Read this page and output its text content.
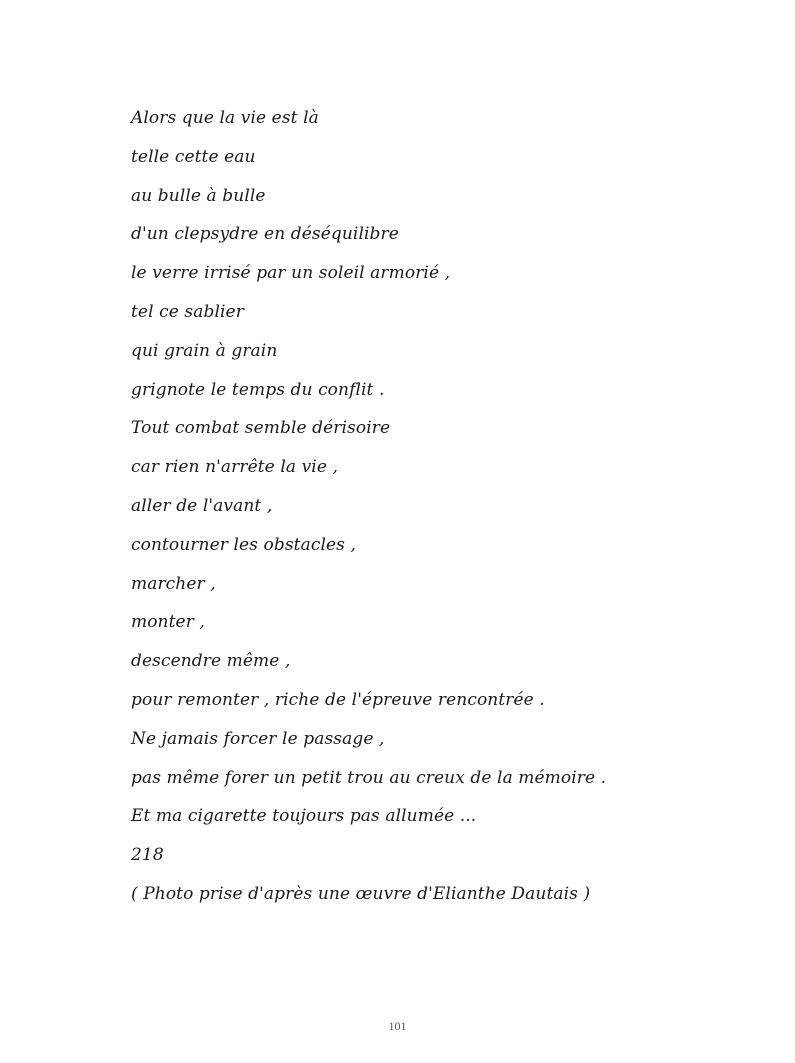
Alors que la vie est là
telle cette eau
au bulle à bulle
d'un clepsydre en déséquilibre
le verre irrisé par un soleil armorié ,
tel ce sablier
qui grain à grain
grignote le temps du conflit .
Tout combat semble dérisoire
car rien n'arrête la vie ,
aller de l'avant ,
contourner les obstacles ,
marcher ,
monter ,
descendre même ,
pour remonter , riche de l'épreuve rencontrée .
Ne jamais forcer le passage ,
pas même forer un petit trou au creux de la mémoire .
Et ma cigarette toujours pas allumée ...
218
( Photo prise d'après une œuvre d'Elianthe Dautais )
101
